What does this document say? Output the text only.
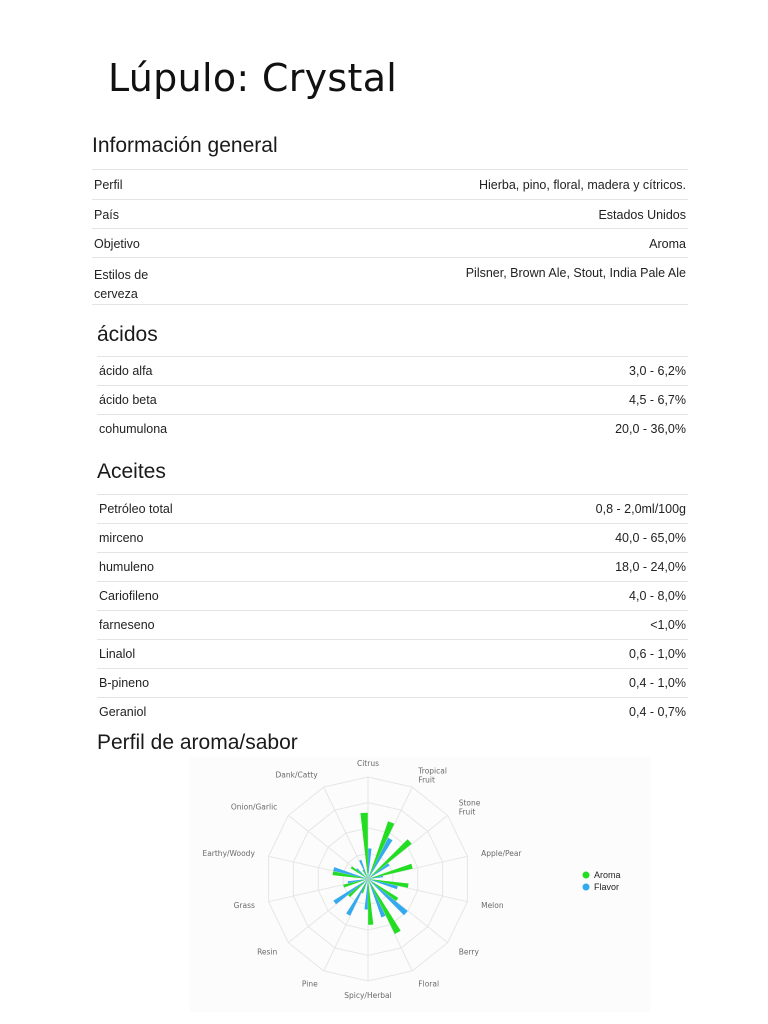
Lúpulo: Crystal
Información general
Perfil	Hierba, pino, floral, madera y cítricos.
País	Estados Unidos
Objetivo	Aroma
Estilos de cerveza	Pilsner, Brown Ale, Stout, India Pale Ale
ácidos
ácido alfa	3,0 - 6,2%
ácido beta	4,5 - 6,7%
cohumulona	20,0 - 36,0%
Aceites
Petróleo total	0,8 - 2,0ml/100g
mirceno	40,0 - 65,0%
humuleno	18,0 - 24,0%
Cariofileno	4,0 - 8,0%
farneseno	<1,0%
Linalol	0,6 - 1,0%
B-pineno	0,4 - 1,0%
Geraniol	0,4 - 0,7%
Perfil de aroma/sabor
Citrus
Tropical Fruit
Stone Fruit
Apple/Pear
Melon
Berry
Floral
Spicy/Herbal
Pine
Resin
Grass
Earthy/Woody
Onion/Garlic
Dank/Catty
Aroma
Flavor
